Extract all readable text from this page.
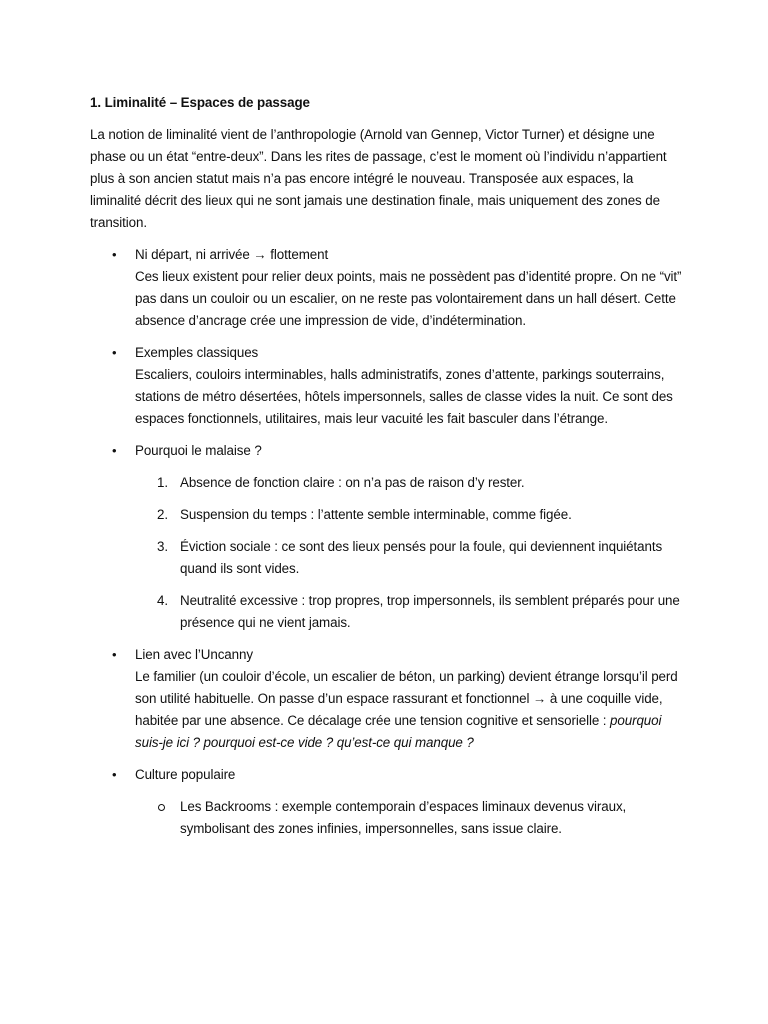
1. Liminalité – Espaces de passage

La notion de liminalité vient de l’anthropologie (Arnold van Gennep, Victor Turner) et désigne une phase ou un état “entre-deux”. Dans les rites de passage, c’est le moment où l’individu n’appartient plus à son ancien statut mais n’a pas encore intégré le nouveau. Transposée aux espaces, la liminalité décrit des lieux qui ne sont jamais une destination finale, mais uniquement des zones de transition.

•	Ni départ, ni arrivée → flottement
Ces lieux existent pour relier deux points, mais ne possèdent pas d’identité propre. On ne “vit” pas dans un couloir ou un escalier, on ne reste pas volontairement dans un hall désert. Cette absence d’ancrage crée une impression de vide, d’indétermination.
•	Exemples classiques
Escaliers, couloirs interminables, halls administratifs, zones d’attente, parkings souterrains, stations de métro désertées, hôtels impersonnels, salles de classe vides la nuit. Ce sont des espaces fonctionnels, utilitaires, mais leur vacuité les fait basculer dans l’étrange.
•	Pourquoi le malaise ?
1. Absence de fonction claire : on n’a pas de raison d’y rester.
2. Suspension du temps : l’attente semble interminable, comme figée.
3. Éviction sociale : ce sont des lieux pensés pour la foule, qui deviennent inquiétants quand ils sont vides.
4. Neutralité excessive : trop propres, trop impersonnels, ils semblent préparés pour une présence qui ne vient jamais.
•	Lien avec l’Uncanny
Le familier (un couloir d’école, un escalier de béton, un parking) devient étrange lorsqu’il perd son utilité habituelle. On passe d’un espace rassurant et fonctionnel → à une coquille vide, habitée par une absence. Ce décalage crée une tension cognitive et sensorielle : pourquoi suis-je ici ? pourquoi est-ce vide ? qu’est-ce qui manque ?
•	Culture populaire
Les Backrooms : exemple contemporain d’espaces liminaux devenus viraux, symbolisant des zones infinies, impersonnelles, sans issue claire.
